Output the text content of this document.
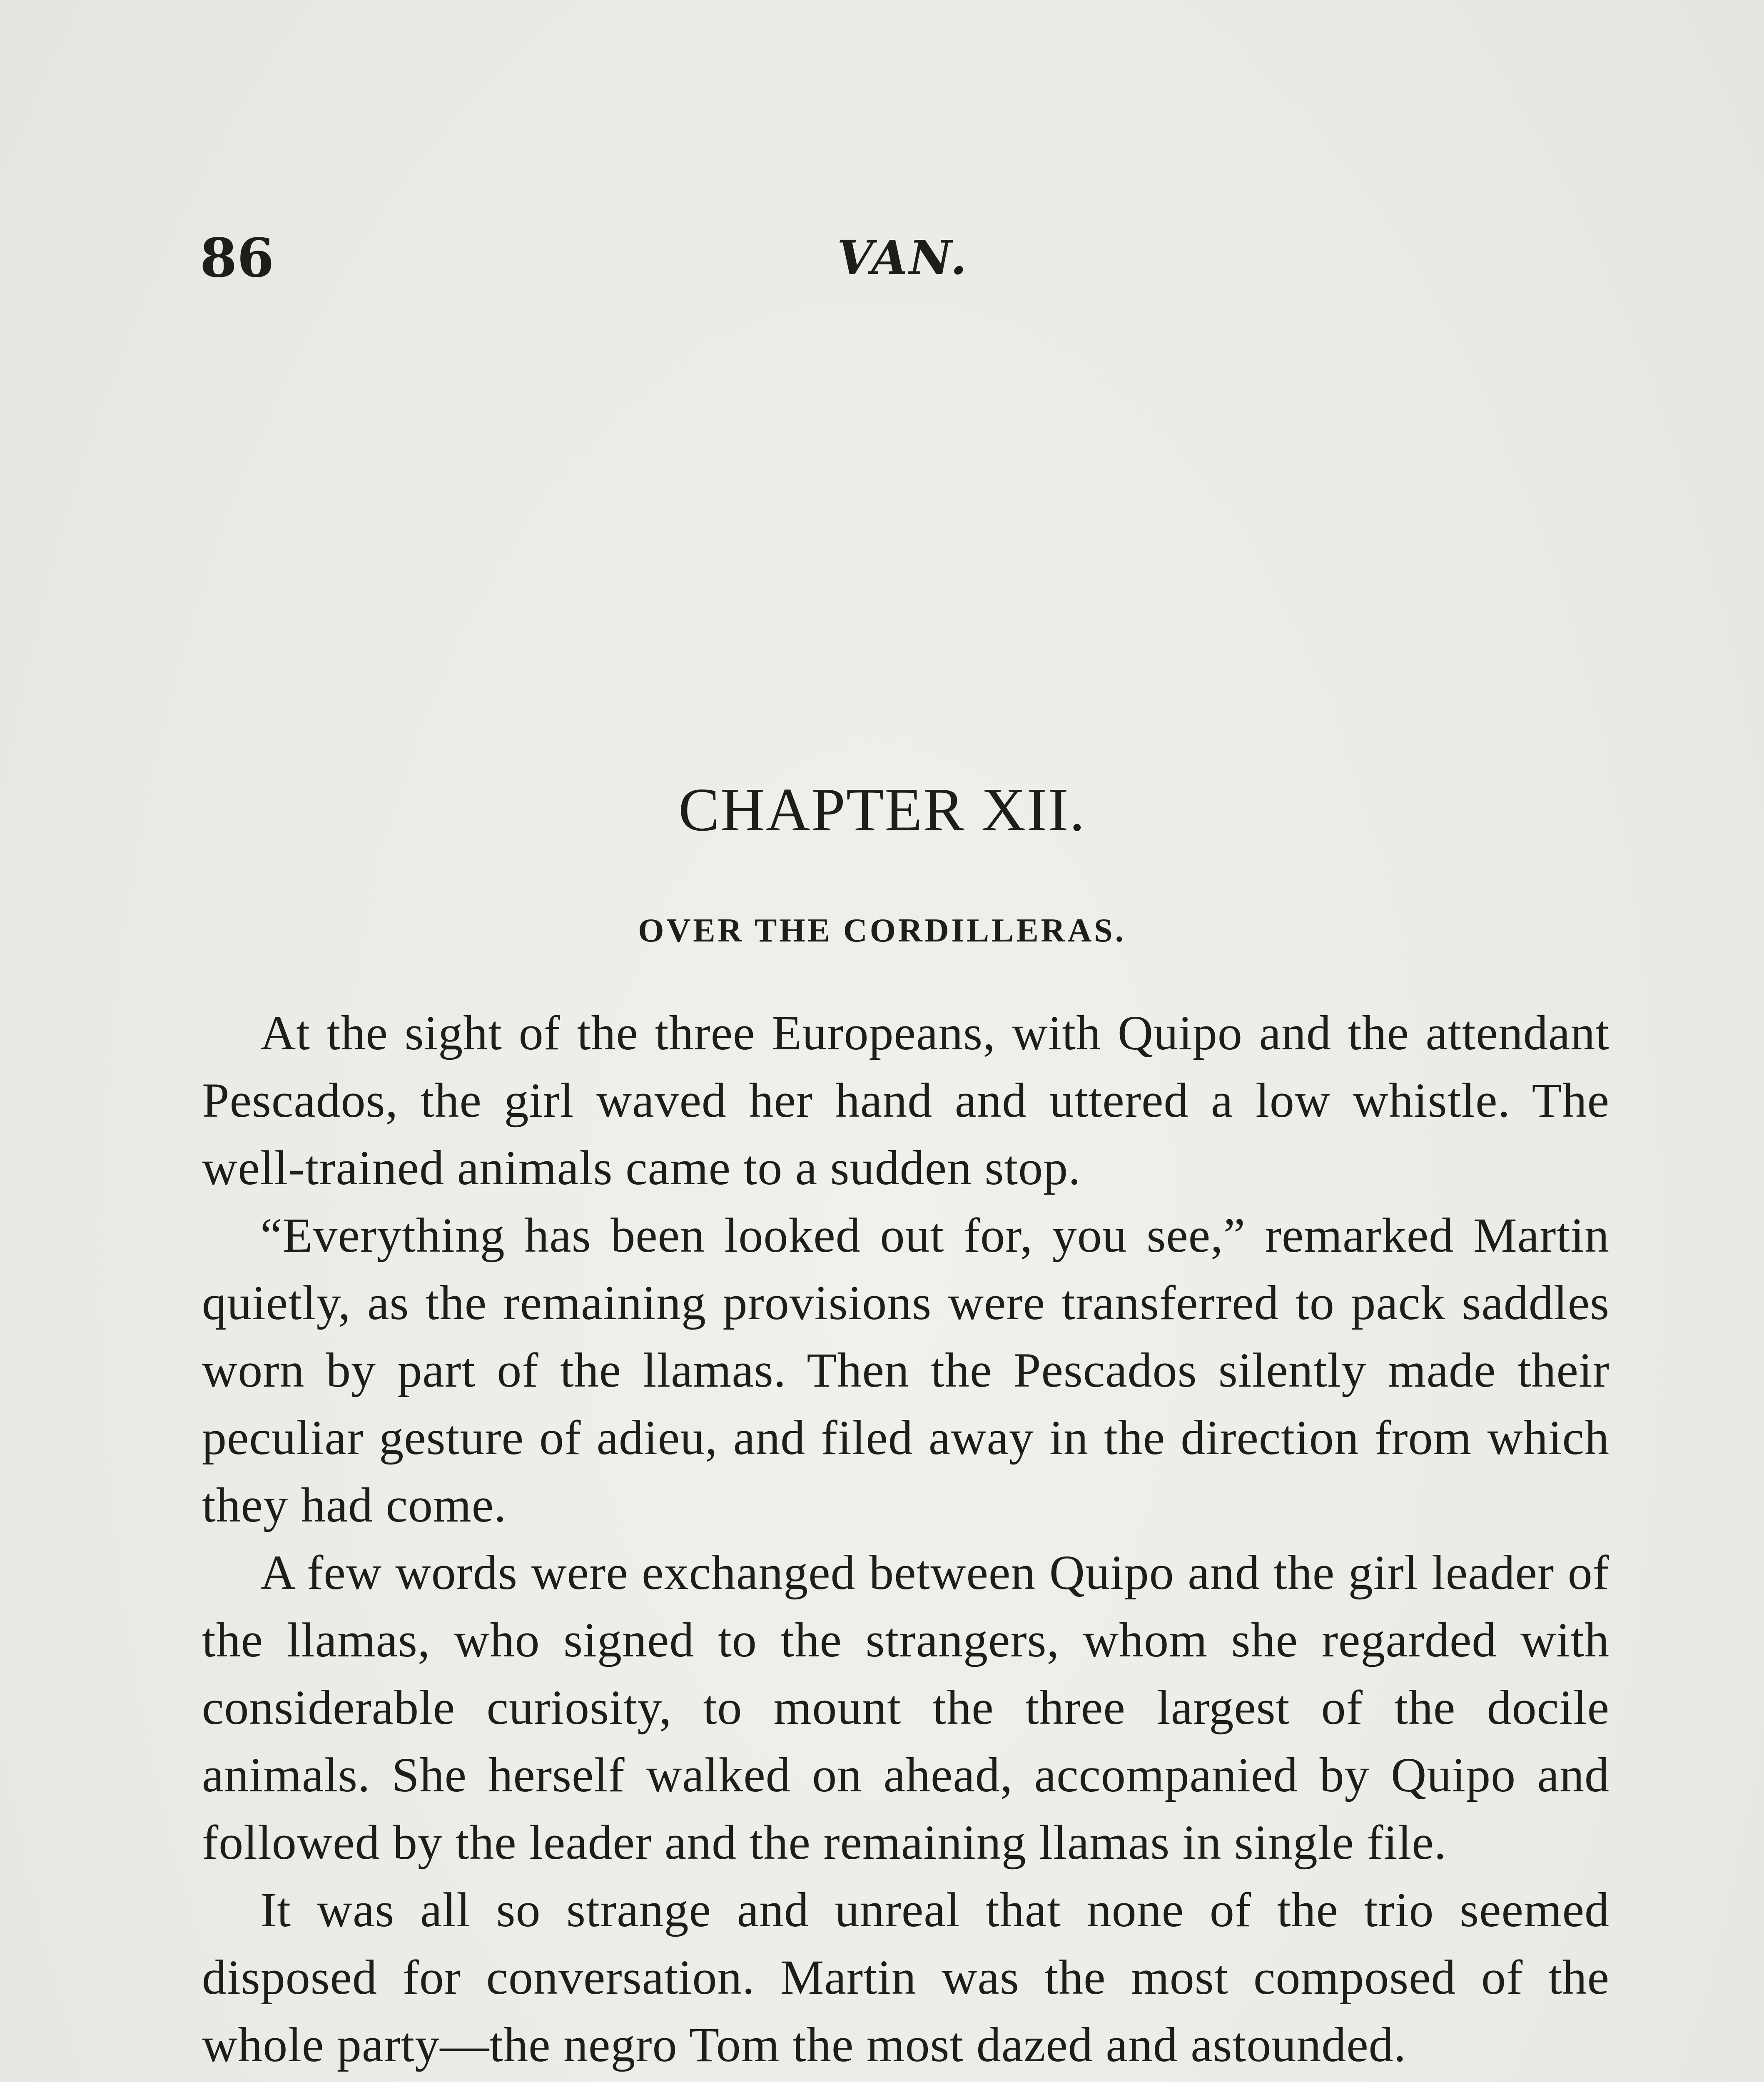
86	VAN.
CHAPTER XII.
OVER THE CORDILLERAS.

At the sight of the three Europeans, with Quipo and the attendant Pescados, the girl waved her hand and uttered a low whistle. The well-trained animals came to a sudden stop.

“Everything has been looked out for, you see,” remarked Martin quietly, as the remaining provisions were transferred to pack saddles worn by part of the llamas. Then the Pescados silently made their peculiar gesture of adieu, and filed away in the direction from which they had come.

A few words were exchanged between Quipo and the girl leader of the llamas, who signed to the strangers, whom she regarded with considerable curiosity, to mount the three largest of the docile animals. She herself walked on ahead, accompanied by Quipo and followed by the leader and the remaining llamas in single file.

It was all so strange and unreal that none of the trio seemed disposed for conversation. Martin was the most composed of the whole party—the negro Tom the most dazed and astounded.
